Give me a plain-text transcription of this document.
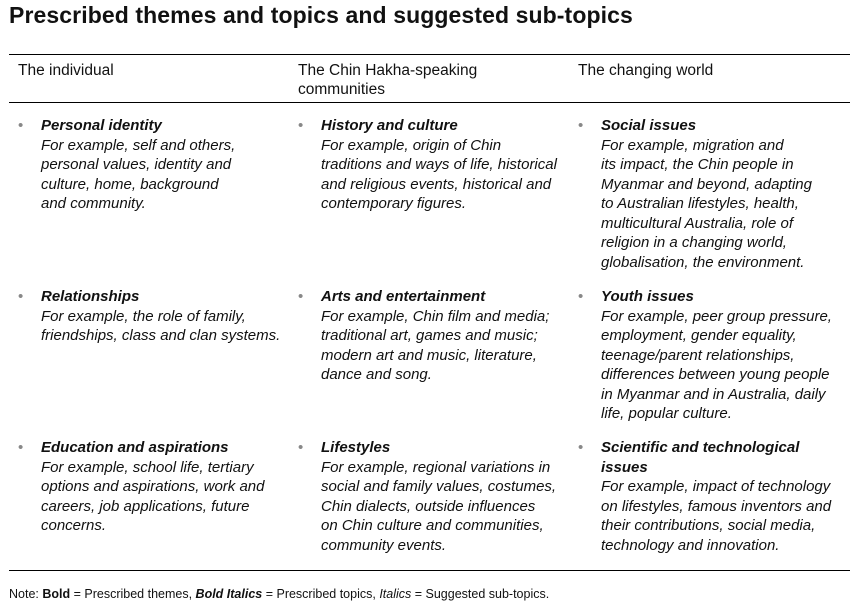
Prescribed themes and topics and suggested sub-topics
The individual	The Chin Hakha-speaking
communities
The changing world
• Personal identity
For example, self and others,
personal values, identity and
culture, home, background
and community.
• Relationships
For example, the role of family,
friendships, class and clan systems.
• Education and aspirations
For example, school life, tertiary
options and aspirations, work and
careers, job applications, future
concerns.
• History and culture
For example, origin of Chin
traditions and ways of life, historical
and religious events, historical and
contemporary figures.
• Arts and entertainment
For example, Chin film and media;
traditional art, games and music;
modern art and music, literature,
dance and song.
• Lifestyles
For example, regional variations in
social and family values, costumes,
Chin dialects, outside influences
on Chin culture and communities,
community events.
• Social issues
For example, migration and
its impact, the Chin people in
Myanmar and beyond, adapting
to Australian lifestyles, health,
multicultural Australia, role of
religion in a changing world,
globalisation, the environment.
• Youth issues
For example, peer group pressure,
employment, gender equality,
teenage/parent relationships,
differences between young people
in Myanmar and in Australia, daily
life, popular culture.
• Scientific and technological
issues
For example, impact of technology
on lifestyles, famous inventors and
their contributions, social media,
technology and innovation.
Note: Bold = Prescribed themes, Bold Italics = Prescribed topics, Italics = Suggested sub-topics.
